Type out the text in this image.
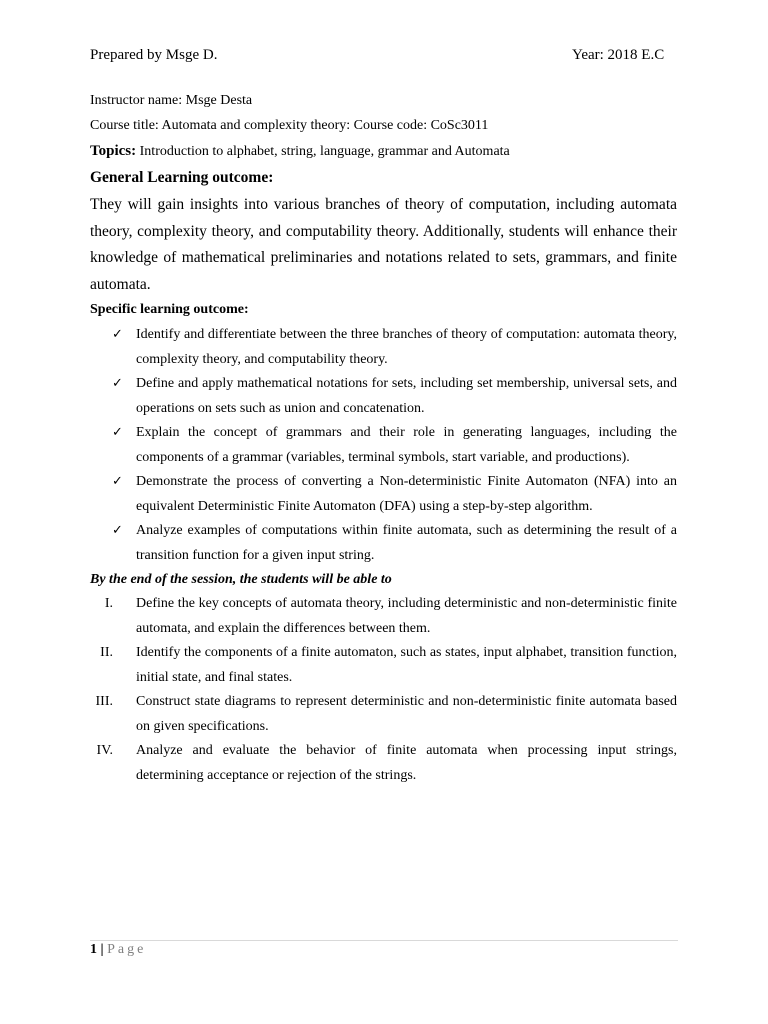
Prepared by Msge D.	Year: 2018 E.C
Instructor name: Msge Desta
Course title: Automata and complexity theory: Course code: CoSc3011
Topics: Introduction to alphabet, string, language, grammar and Automata
General Learning outcome:
They will gain insights into various branches of theory of computation, including automata theory, complexity theory, and computability theory. Additionally, students will enhance their knowledge of mathematical preliminaries and notations related to sets, grammars, and finite automata.
Specific learning outcome:
✓ Identify and differentiate between the three branches of theory of computation: automata theory, complexity theory, and computability theory.
✓ Define and apply mathematical notations for sets, including set membership, universal sets, and operations on sets such as union and concatenation.
✓ Explain the concept of grammars and their role in generating languages, including the components of a grammar (variables, terminal symbols, start variable, and productions).
✓ Demonstrate the process of converting a Non-deterministic Finite Automaton (NFA) into an equivalent Deterministic Finite Automaton (DFA) using a step-by-step algorithm.
✓ Analyze examples of computations within finite automata, such as determining the result of a transition function for a given input string.
By the end of the session, the students will be able to
I. Define the key concepts of automata theory, including deterministic and non-deterministic finite automata, and explain the differences between them.
II. Identify the components of a finite automaton, such as states, input alphabet, transition function, initial state, and final states.
III. Construct state diagrams to represent deterministic and non-deterministic finite automata based on given specifications.
IV. Analyze and evaluate the behavior of finite automata when processing input strings, determining acceptance or rejection of the strings.
1 | Page
